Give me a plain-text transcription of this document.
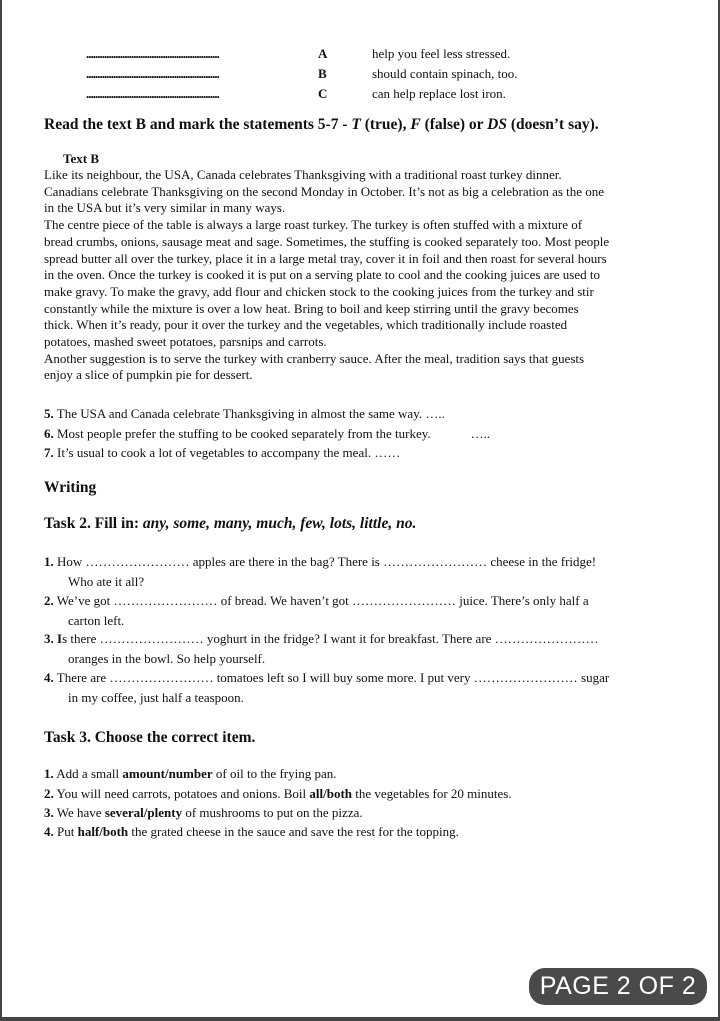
...........................................................	A	help you feel less stressed.
...........................................................	B	should contain spinach, too.
...........................................................	C	can help replace lost iron.
Read the text B and mark the statements 5-7 - T (true), F (false) or DS (doesn’t say).
Text B
Like its neighbour, the USA, Canada celebrates Thanksgiving with a traditional roast turkey dinner.
Canadians celebrate Thanksgiving on the second Monday in October. It’s not as big a celebration as the one
in the USA but it’s very similar in many ways.
The centre piece of the table is always a large roast turkey. The turkey is often stuffed with a mixture of
bread crumbs, onions, sausage meat and sage. Sometimes, the stuffing is cooked separately too. Most people
spread butter all over the turkey, place it in a large metal tray, cover it in foil and then roast for several hours
in the oven. Once the turkey is cooked it is put on a serving plate to cool and the cooking juices are used to
make gravy. To make the gravy, add flour and chicken stock to the cooking juices from the turkey and stir
constantly while the mixture is over a low heat. Bring to boil and keep stirring until the gravy becomes
thick. When it’s ready, pour it over the turkey and the vegetables, which traditionally include roasted
potatoes, mashed sweet potatoes, parsnips and carrots.
Another suggestion is to serve the turkey with cranberry sauce. After the meal, tradition says that guests
enjoy a slice of pumpkin pie for dessert.
5. The USA and Canada celebrate Thanksgiving in almost the same way. …..
6. Most people prefer the stuffing to be cooked separately from the turkey.	…..
7. It’s usual to cook a lot of vegetables to accompany the meal. ……
Writing
Task 2. Fill in: any, some, many, much, few, lots, little, no.
1. How …………………… apples are there in the bag? There is …………………… cheese in the fridge!
Who ate it all?
2. We’ve got …………………… of bread. We haven’t got …………………… juice. There’s only half a
carton left.
3. Is there …………………… yoghurt in the fridge? I want it for breakfast. There are ……………………
oranges in the bowl. So help yourself.
4. There are …………………… tomatoes left so I will buy some more. I put very …………………… sugar
in my coffee, just half a teaspoon.
Task 3. Choose the correct item.
1. Add a small amount/number of oil to the frying pan.
2. You will need carrots, potatoes and onions. Boil all/both the vegetables for 20 minutes.
3. We have several/plenty of mushrooms to put on the pizza.
4. Put half/both the grated cheese in the sauce and save the rest for the topping.
PAGE 2 OF 2
